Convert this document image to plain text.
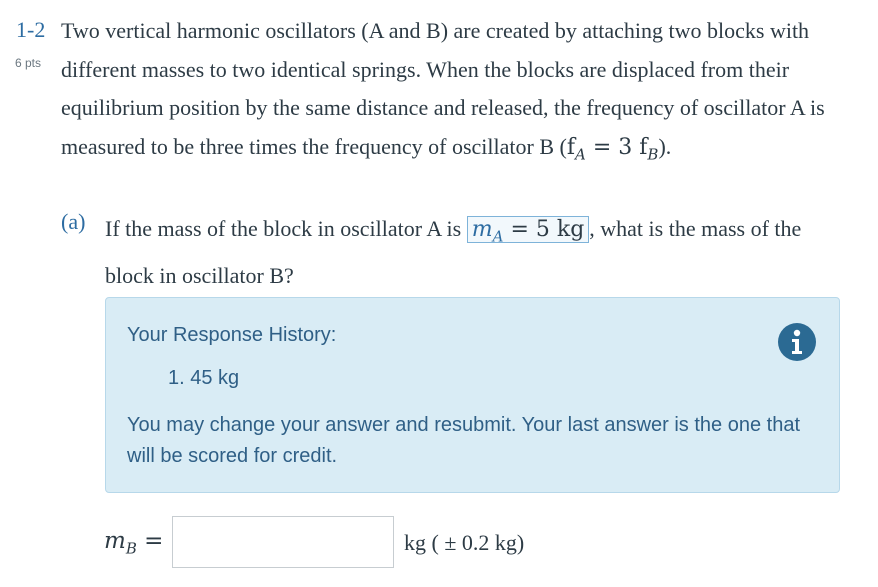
1-2
6 pts
Two vertical harmonic oscillators (A and B) are created by attaching two blocks with different masses to two identical springs. When the blocks are displaced from their equilibrium position by the same distance and released, the frequency of oscillator A is measured to be three times the frequency of oscillator B ($f_A = 3$ $f_B$).
(a) If the mass of the block in oscillator A is $m_A = 5$ kg , what is the mass of the block in oscillator B?
Your Response History:
1. 45 kg
You may change your answer and resubmit. Your last answer is the one that will be scored for credit.
$m_B$ =	kg ( ± 0.2 kg)
